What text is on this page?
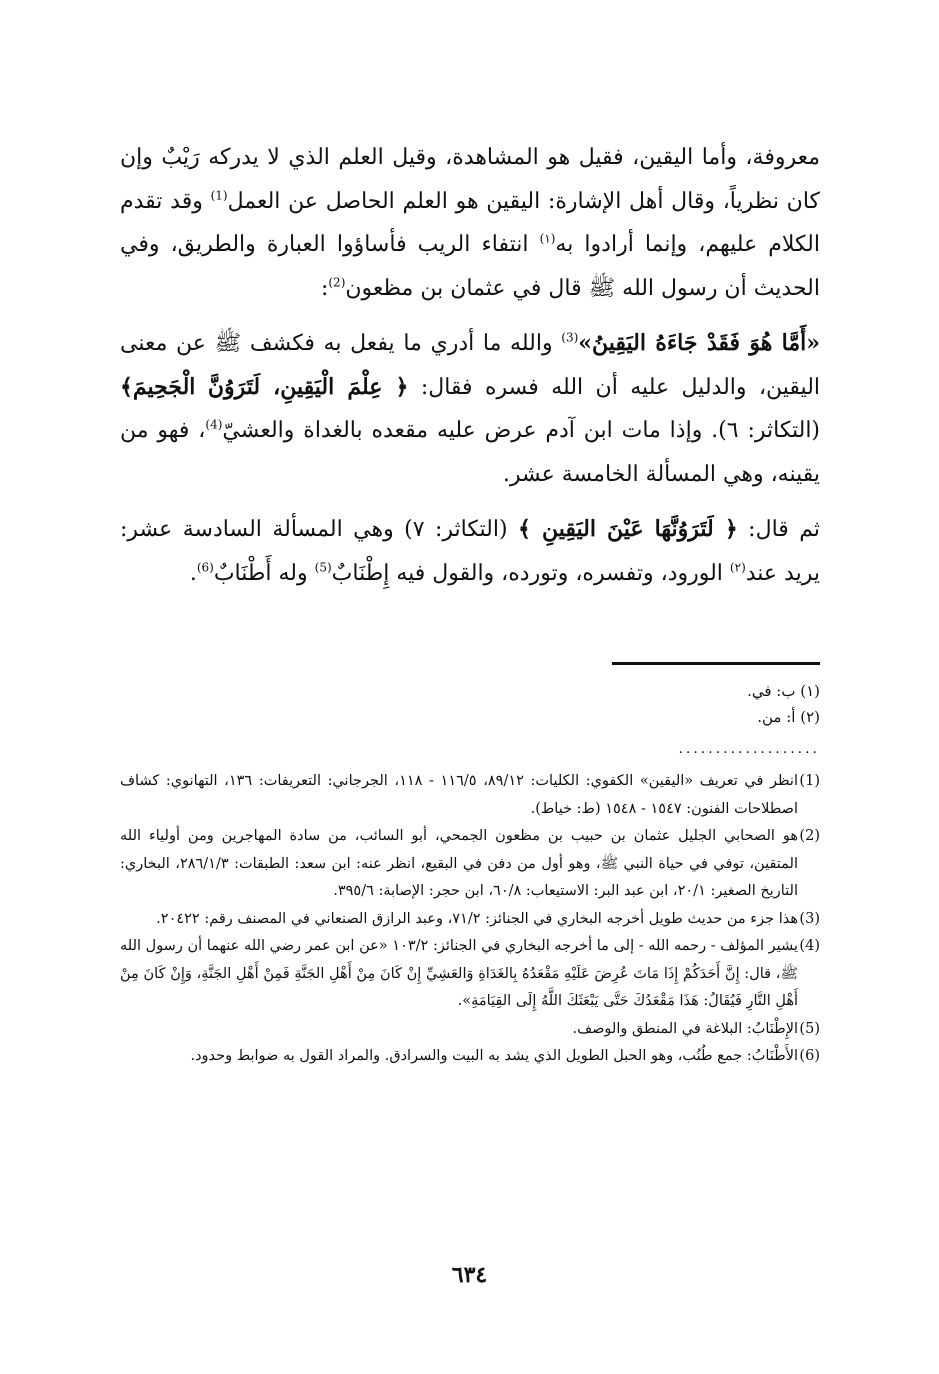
معروفة، وأما اليقين، فقيل هو المشاهدة، وقيل العلم الذي لا يدركه رَيْبٌ وإن كان نظرياً، وقال أهل الإشارة: اليقين هو العلم الحاصل عن العمل$^{(1)}$ وقد تقدم الكلام عليهم، وإنما أرادوا به$^{(١)}$ انتفاء الريب فأساؤوا العبارة والطريق، وفي الحديث أن رسول الله ﷺ قال في عثمان بن مظعون$^{(2)}$:

«أَمَّا هُوَ فَقَدْ جَاءَهُ اليَقِينُ»$^{(3)}$ والله ما أدري ما يفعل به فكشف ﷺ عن معنى اليقين، والدليل عليه أن الله فسره فقال: ﴿ عِلْمَ الْيَقِينِ، لَتَرَوُنَّ الْجَحِيمَ﴾ (التكاثر: ٦). وإذا مات ابن آدم عرض عليه مقعده بالغداة والعشيّ$^{(4)}$، فهو من يقينه، وهي المسألة الخامسة عشر.

ثم قال: ﴿ لَتَرَوُنَّهَا عَيْنَ اليَقِينِ ﴾ (التكاثر: ٧) وهي المسألة السادسة عشر: يريد عند$^{(٢)}$ الورود، وتفسره، وتورده، والقول فيه إِطْنَابٌ$^{(5)}$ وله أَطْنَابٌ$^{(6)}$.

(١) ب: في.
(٢) أ: من.
...................

(1)
انظر في تعريف «اليقين» الكفوي: الكليات: ٨٩/١٢، ١١٦/٥ - ١١٨، الجرجاني: التعريفات: ١٣٦، التهانوي: كشاف اصطلاحات الفنون: ١٥٤٧ - ١٥٤٨ (ط: خياط).

(2)
هو الصحابي الجليل عثمان بن حبيب بن مظعون الجمحي، أبو السائب، من سادة المهاجرين ومن أولياء الله المتقين، توفي في حياة النبي ﷺ، وهو أول من دفن في البقيع، انظر عنه: ابن سعد: الطبقات: ٢٨٦/١/٣، البخاري: التاريخ الصغير: ٢٠/١، ابن عبد البر: الاستيعاب: ٦٠/٨، ابن حجر: الإصابة: ٣٩٥/٦.

(3)
هذا جزء من حديث طويل أخرجه البخاري في الجنائز: ٧١/٢، وعبد الرازق الصنعاني في المصنف رقم: ٢٠٤٢٢.

(4)
يشير المؤلف - رحمه الله - إلى ما أخرجه البخاري في الجنائز: ١٠٣/٢ «عن ابن عمر رضي الله عنهما أن رسول الله ﷺ، قال: إِنَّ أَحَدَكُمْ إِذَا مَاتَ عُرِضَ عَلَيْهِ مَقْعَدُهُ بِالغَدَاةِ وَالعَشِيِّ إِنْ كَانَ مِنْ أَهْلِ الجَنَّةِ فَمِنْ أَهْلِ الجَنَّةِ، وَإِنْ كَانَ مِنْ أَهْلِ النَّارِ فَيُقَالُ: هَذَا مَقْعَدُكَ حَتَّى يَبْعَثَكَ اللَّهُ إِلَى القِيَامَةِ».

(5)
الإِطْنَابُ: البلاغة في المنطق والوصف.

(6)
الأَطْنَابُ: جمع طُنُب، وهو الحبل الطويل الذي يشد به البيت والسرادق. والمراد القول به ضوابط وحدود.

٦٣٤
